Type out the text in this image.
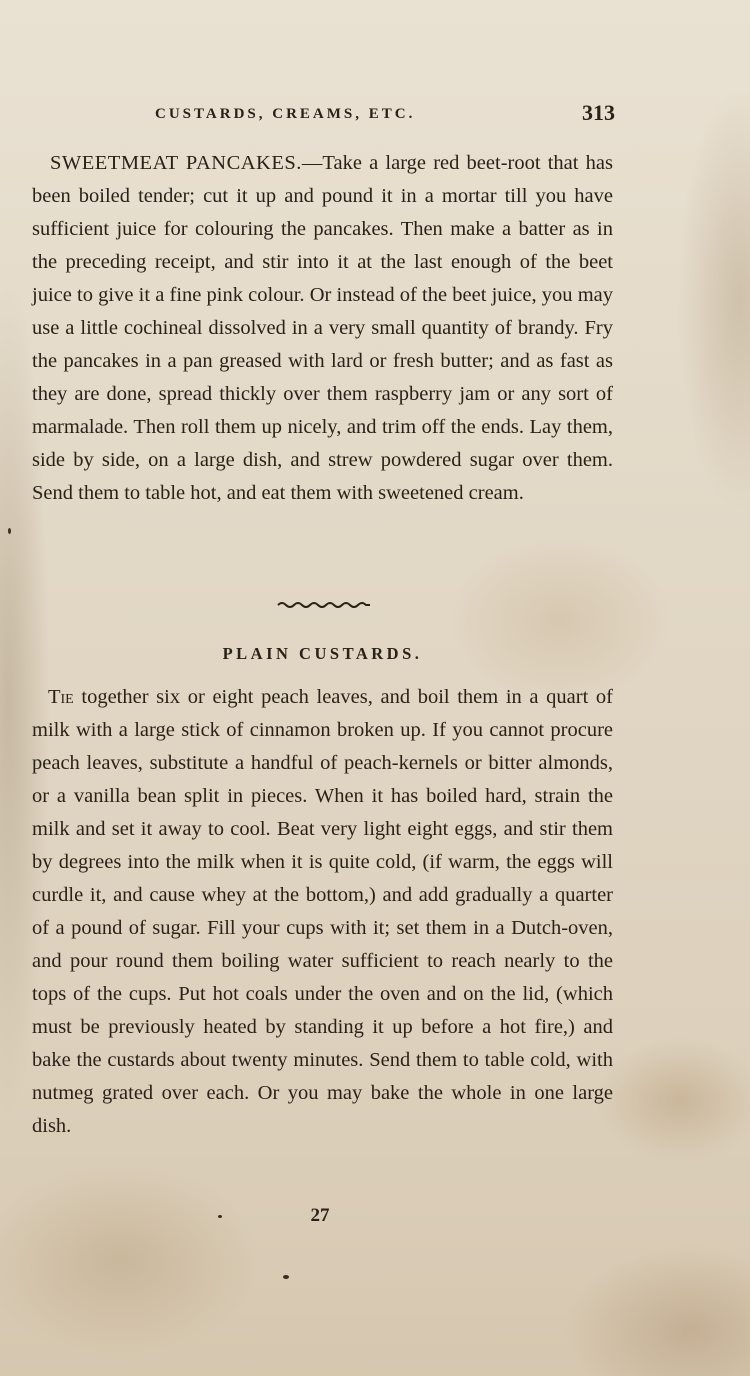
CUSTARDS, CREAMS, ETC.	313

SWEETMEAT PANCAKES.—Take a large red beet-root that has been boiled tender; cut it up and pound it in a mortar till you have sufficient juice for colouring the pancakes. Then make a batter as in the preceding receipt, and stir into it at the last enough of the beet juice to give it a fine pink colour. Or instead of the beet juice, you may use a little cochineal dissolved in a very small quantity of brandy. Fry the pancakes in a pan greased with lard or fresh butter; and as fast as they are done, spread thickly over them raspberry jam or any sort of marmalade. Then roll them up nicely, and trim off the ends. Lay them, side by side, on a large dish, and strew powdered sugar over them. Send them to table hot, and eat them with sweetened cream.

PLAIN CUSTARDS.

Tie together six or eight peach leaves, and boil them in a quart of milk with a large stick of cinnamon broken up. If you cannot procure peach leaves, substitute a handful of peach-kernels or bitter almonds, or a vanilla bean split in pieces. When it has boiled hard, strain the milk and set it away to cool. Beat very light eight eggs, and stir them by degrees into the milk when it is quite cold, (if warm, the eggs will curdle it, and cause whey at the bottom,) and add gradually a quarter of a pound of sugar. Fill your cups with it; set them in a Dutch-oven, and pour round them boiling water sufficient to reach nearly to the tops of the cups. Put hot coals under the oven and on the lid, (which must be previously heated by standing it up before a hot fire,) and bake the custards about twenty minutes. Send them to table cold, with nutmeg grated over each. Or you may bake the whole in one large dish.

27
